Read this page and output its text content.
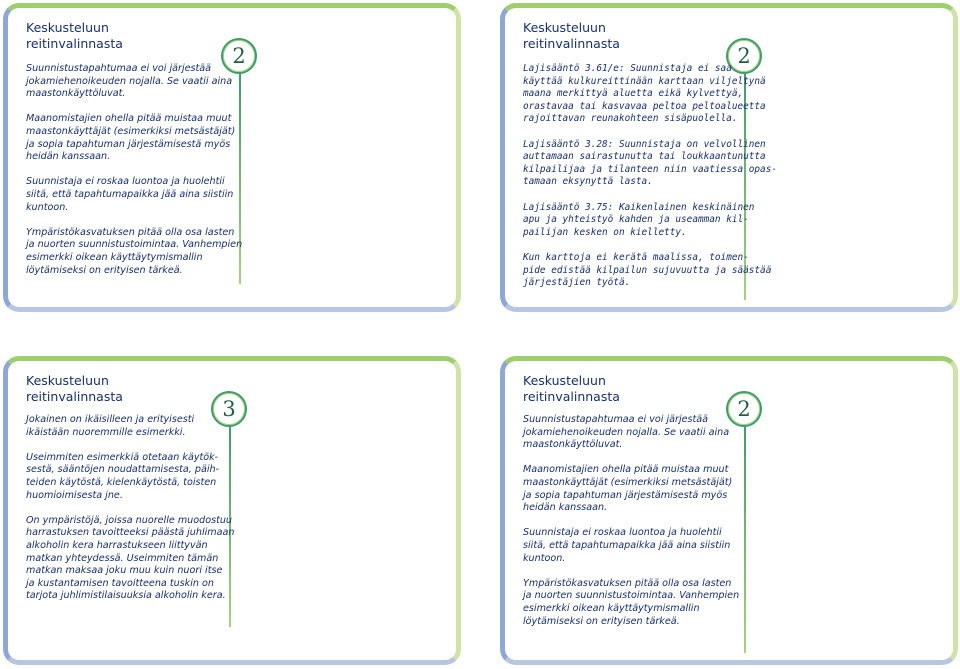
Keskusteluun
reitinvalinnasta
2
Suunnistustapahtumaa ei voi järjestää
jokamiehenoikeuden nojalla. Se vaatii aina
maastonkäyttöluvat.
Maanomistajien ohella pitää muistaa muut
maastonkäyttäjät (esimerkiksi metsästäjät)
ja sopia tapahtuman järjestämisestä myös
heidän kanssaan.
Suunnistaja ei roskaa luontoa ja huolehtii
siitä, että tapahtumapaikka jää aina siistiin
kuntoon.
Ympäristökasvatuksen pitää olla osa lasten
ja nuorten suunnistustoimintaa. Vanhempien
esimerkki oikean käyttäytymismallin
löytämiseksi on erityisen tärkeä.
Keskusteluun
reitinvalinnasta
2
Lajisääntö 3.61/e: Suunnistaja ei saa
käyttää kulkureittinään karttaan viljeltynä
maana merkittyä aluetta eikä kylvettyä,
orastavaa tai kasvavaa peltoa peltoalueetta
rajoittavan reunakohteen sisäpuolella.
Lajisääntö 3.28: Suunnistaja on velvollinen
auttamaan sairastunutta tai loukkaantunutta
kilpailijaa ja tilanteen niin vaatiessa opas-
tamaan eksynyttä lasta.
Lajisääntö 3.75: Kaikenlainen keskinäinen
apu ja yhteistyö kahden ja useamman kil-
pailijan kesken on kielletty.
Kun karttoja ei kerätä maalissa, toimen-
pide edistää kilpailun sujuvuutta ja säästää
järjestäjien työtä.
Keskusteluun
reitinvalinnasta
3
Jokainen on ikäisilleen ja erityisesti
ikäistään nuoremmille esimerkki.
Useimmiten esimerkkiä otetaan käytök-
sestä, sääntöjen noudattamisesta, päih-
teiden käytöstä, kielenkäytöstä, toisten
huomioimisesta jne.
On ympäristöjä, joissa nuorelle muodostuu
harrastuksen tavoitteeksi päästä juhlimaan
alkoholin kera harrastukseen liittyvän
matkan yhteydessä. Useimmiten tämän
matkan maksaa joku muu kuin nuori itse
ja kustantamisen tavoitteena tuskin on
tarjota juhlimistilaisuuksia alkoholin kera.
Keskusteluun
reitinvalinnasta
2
Suunnistustapahtumaa ei voi järjestää
jokamiehenoikeuden nojalla. Se vaatii aina
maastonkäyttöluvat.
Maanomistajien ohella pitää muistaa muut
maastonkäyttäjät (esimerkiksi metsästäjät)
ja sopia tapahtuman järjestämisestä myös
heidän kanssaan.
Suunnistaja ei roskaa luontoa ja huolehtii
siitä, että tapahtumapaikka jää aina siistiin
kuntoon.
Ympäristökasvatuksen pitää olla osa lasten
ja nuorten suunnistustoimintaa. Vanhempien
esimerkki oikean käyttäytymismallin
löytämiseksi on erityisen tärkeä.
